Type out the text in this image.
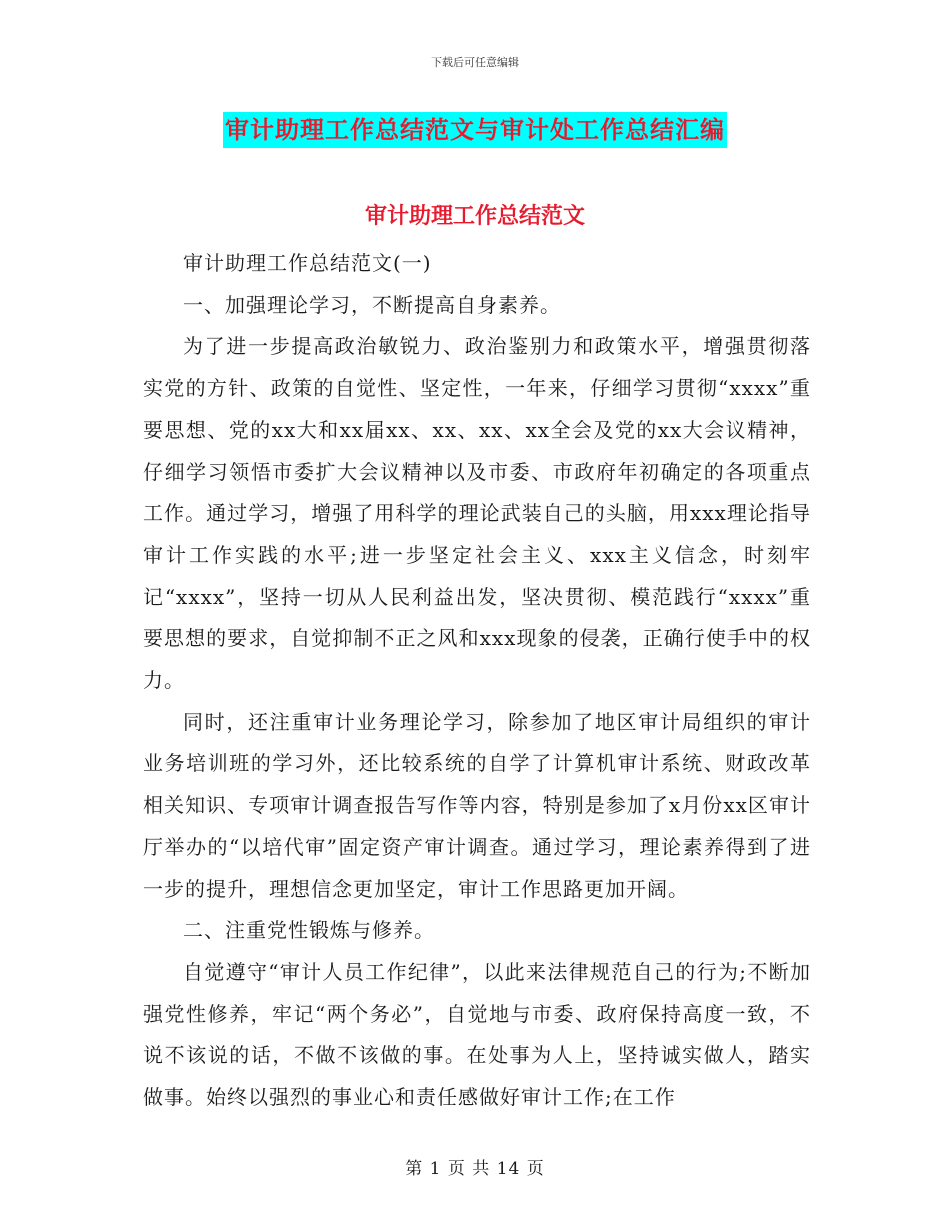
下载后可任意编辑
审计助理工作总结范文与审计处工作总结汇编
审计助理工作总结范文

审计助理工作总结范文(一)

一、加强理论学习，不断提高自身素养。

为了进一步提高政治敏锐力、政治鉴别力和政策水平，增强贯彻落实党的方针、政策的自觉性、坚定性，一年来，仔细学习贯彻“xxxx”重要思想、党的xx大和xx届xx、xx、xx、xx全会及党的xx大会议精神，仔细学习领悟市委扩大会议精神以及市委、市政府年初确定的各项重点工作。通过学习，增强了用科学的理论武装自己的头脑，用xxx理论指导审计工作实践的水平;进一步坚定社会主义、xxx主义信念，时刻牢记“xxxx”，坚持一切从人民利益出发，坚决贯彻、模范践行“xxxx”重要思想的要求，自觉抑制不正之风和xxx现象的侵袭，正确行使手中的权力。

同时，还注重审计业务理论学习，除参加了地区审计局组织的审计业务培训班的学习外，还比较系统的自学了计算机审计系统、财政改革相关知识、专项审计调查报告写作等内容，特别是参加了x月份xx区审计厅举办的“以培代审”固定资产审计调查。通过学习，理论素养得到了进一步的提升，理想信念更加坚定，审计工作思路更加开阔。

二、注重党性锻炼与修养。

自觉遵守“审计人员工作纪律”，以此来法律规范自己的行为;不断加强党性修养，牢记“两个务必”，自觉地与市委、政府保持高度一致，不说不该说的话，不做不该做的事。在处事为人上，坚持诚实做人，踏实做事。始终以强烈的事业心和责任感做好审计工作;在工作

第 1 页 共 14 页
